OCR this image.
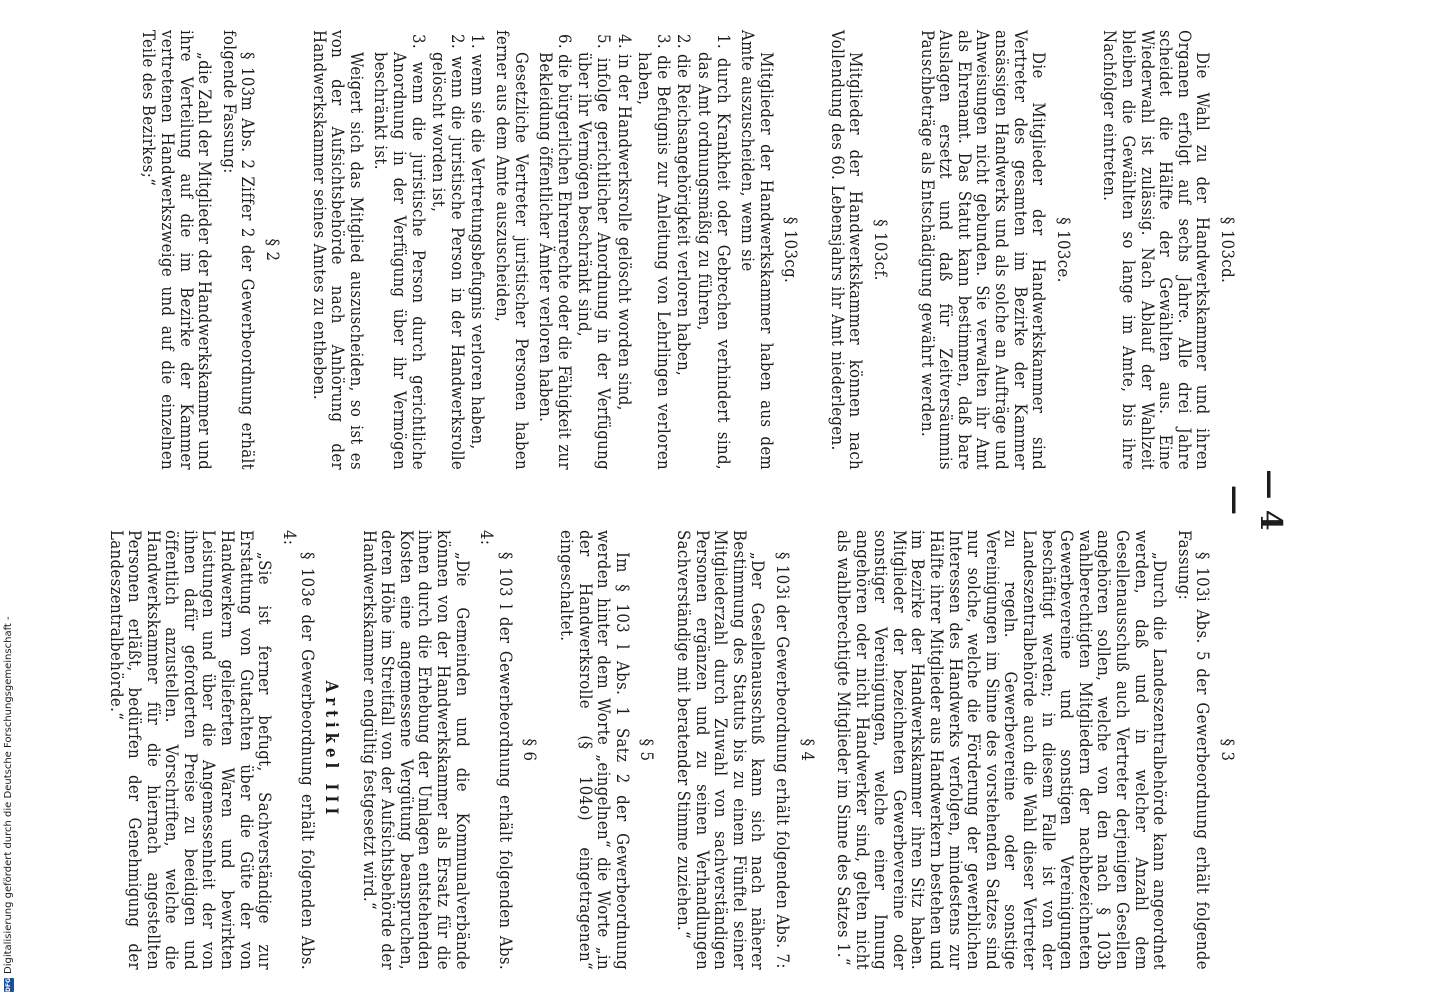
— 4 —
§ 103cd.

Die Wahl zu der Handwerkskammer und ihren Organen erfolgt auf sechs Jahre. Alle drei Jahre scheidet die Hälfte der Gewählten aus. Eine Wiederwahl ist zulässig. Nach Ablauf der Wahlzeit bleiben die Gewählten so lange im Amte, bis ihre Nachfolger eintreten.

§ 103ce.

Die Mitglieder der Handwerkskammer sind Vertreter des gesamten im Bezirke der Kammer ansässigen Handwerks und als solche an Aufträge und Anweisungen nicht gebunden. Sie verwalten ihr Amt als Ehrenamt. Das Statut kann bestimmen, daß bare Auslagen ersetzt und daß für Zeitversäumnis Pauschbeträge als Entschädigung gewährt werden.

§ 103cf.

Mitglieder der Handwerkskammer können nach Vollendung des 60. Lebensjahrs ihr Amt niederlegen.

§ 103cg.

Mitglieder der Handwerkskammer haben aus dem Amte auszuscheiden, wenn sie

1. durch Krankheit oder Gebrechen verhindert sind, das Amt ordnungsmäßig zu führen,
2. die Reichsangehörigkeit verloren haben,
3. die Befugnis zur Anleitung von Lehrlingen verloren haben,
4. in der Handwerksrolle gelöscht worden sind,
5. infolge gerichtlicher Anordnung in der Verfügung über ihr Vermögen beschränkt sind,
6. die bürgerlichen Ehrenrechte oder die Fähigkeit zur Bekleidung öffentlicher Ämter verloren haben.

Gesetzliche Vertreter juristischer Personen haben ferner aus dem Amte auszuscheiden,

1. wenn sie die Vertretungsbefugnis verloren haben,
2. wenn die juristische Person in der Handwerksrolle gelöscht worden ist,
3. wenn die juristische Person durch gerichtliche Anordnung in der Verfügung über ihr Vermögen beschränkt ist.

Weigert sich das Mitglied auszuscheiden, so ist es von der Aufsichtsbehörde nach Anhörung der Handwerkskammer seines Amtes zu entheben.

§ 2

§ 103m Abs. 2 Ziffer 2 der Gewerbeordnung erhält folgende Fassung:

„die Zahl der Mitglieder der Handwerkskammer und ihre Verteilung auf die im Bezirke der Kammer vertretenen Handwerkszweige und auf die einzelnen Teile des Bezirkes;“

§ 3

§ 103i Abs. 5 der Gewerbeordnung erhält folgende Fassung:

„Durch die Landeszentralbehörde kann angeordnet werden, daß und in welcher Anzahl dem Gesellenausschuß auch Vertreter derjenigen Gesellen angehören sollen, welche von den nach § 103b wahlberechtigten Mitgliedern der nachbezeichneten Gewerbevereine und sonstigen Vereinigungen beschäftigt werden; in diesem Falle ist von der Landeszentralbehörde auch die Wahl dieser Vertreter zu regeln. Gewerbevereine oder sonstige Vereinigungen im Sinne des vorstehenden Satzes sind nur solche, welche die Förderung der gewerblichen Interessen des Handwerks verfolgen, mindestens zur Hälfte ihrer Mitglieder aus Handwerkern bestehen und im Bezirke der Handwerkskammer ihren Sitz haben. Mitglieder der bezeichneten Gewerbevereine oder sonstiger Vereinigungen, welche einer Innung angehören oder nicht Handwerker sind, gelten nicht als wahlberechtigte Mitglieder im Sinne des Satzes 1.“

§ 4

§ 103i der Gewerbeordnung erhält folgenden Abs. 7:

„Der Gesellenausschuß kann sich nach näherer Bestimmung des Statuts bis zu einem Fünftel seiner Mitgliederzahl durch Zuwahl von sachverständigen Personen ergänzen und zu seinen Verhandlungen Sachverständige mit beratender Stimme zuziehen.“

§ 5

Im § 103 l Abs. 1 Satz 2 der Gewerbeordnung werden hinter dem Worte „eingelnen“ die Worte „in der Handwerksrolle (§ 104o) eingetragenen“ eingeschaltet.

§ 6

§ 103 l der Gewerbeordnung erhält folgenden Abs. 4:

„Die Gemeinden und die Kommunalverbände können von der Handwerkskammer als Ersatz für die ihnen durch die Erhebung der Umlagen entstehenden Kosten eine angemessene Vergütung beanspruchen, deren Höhe im Streitfall von der Aufsichtsbehörde der Handwerkskammer endgültig festgesetzt wird.“

Artikel III

§ 103e der Gewerbeordnung erhält folgenden Abs. 4:

„Sie ist ferner befugt, Sachverständige zur Erstattung von Gutachten über die Güte der von Handwerkern gelieferten Waren und bewirkten Leistungen und über die Angemessenheit der von ihnen dafür geforderten Preise zu beeidigen und öffentlich anzustellen. Vorschriften, welche die Handwerkskammer für die hiernach angestellten Personen erläßt, bedürfen der Genehmigung der Landeszentralbehörde.“

DFG
Digitalisierung gefördert durch die Deutsche Forschungsgemeinschaft -
